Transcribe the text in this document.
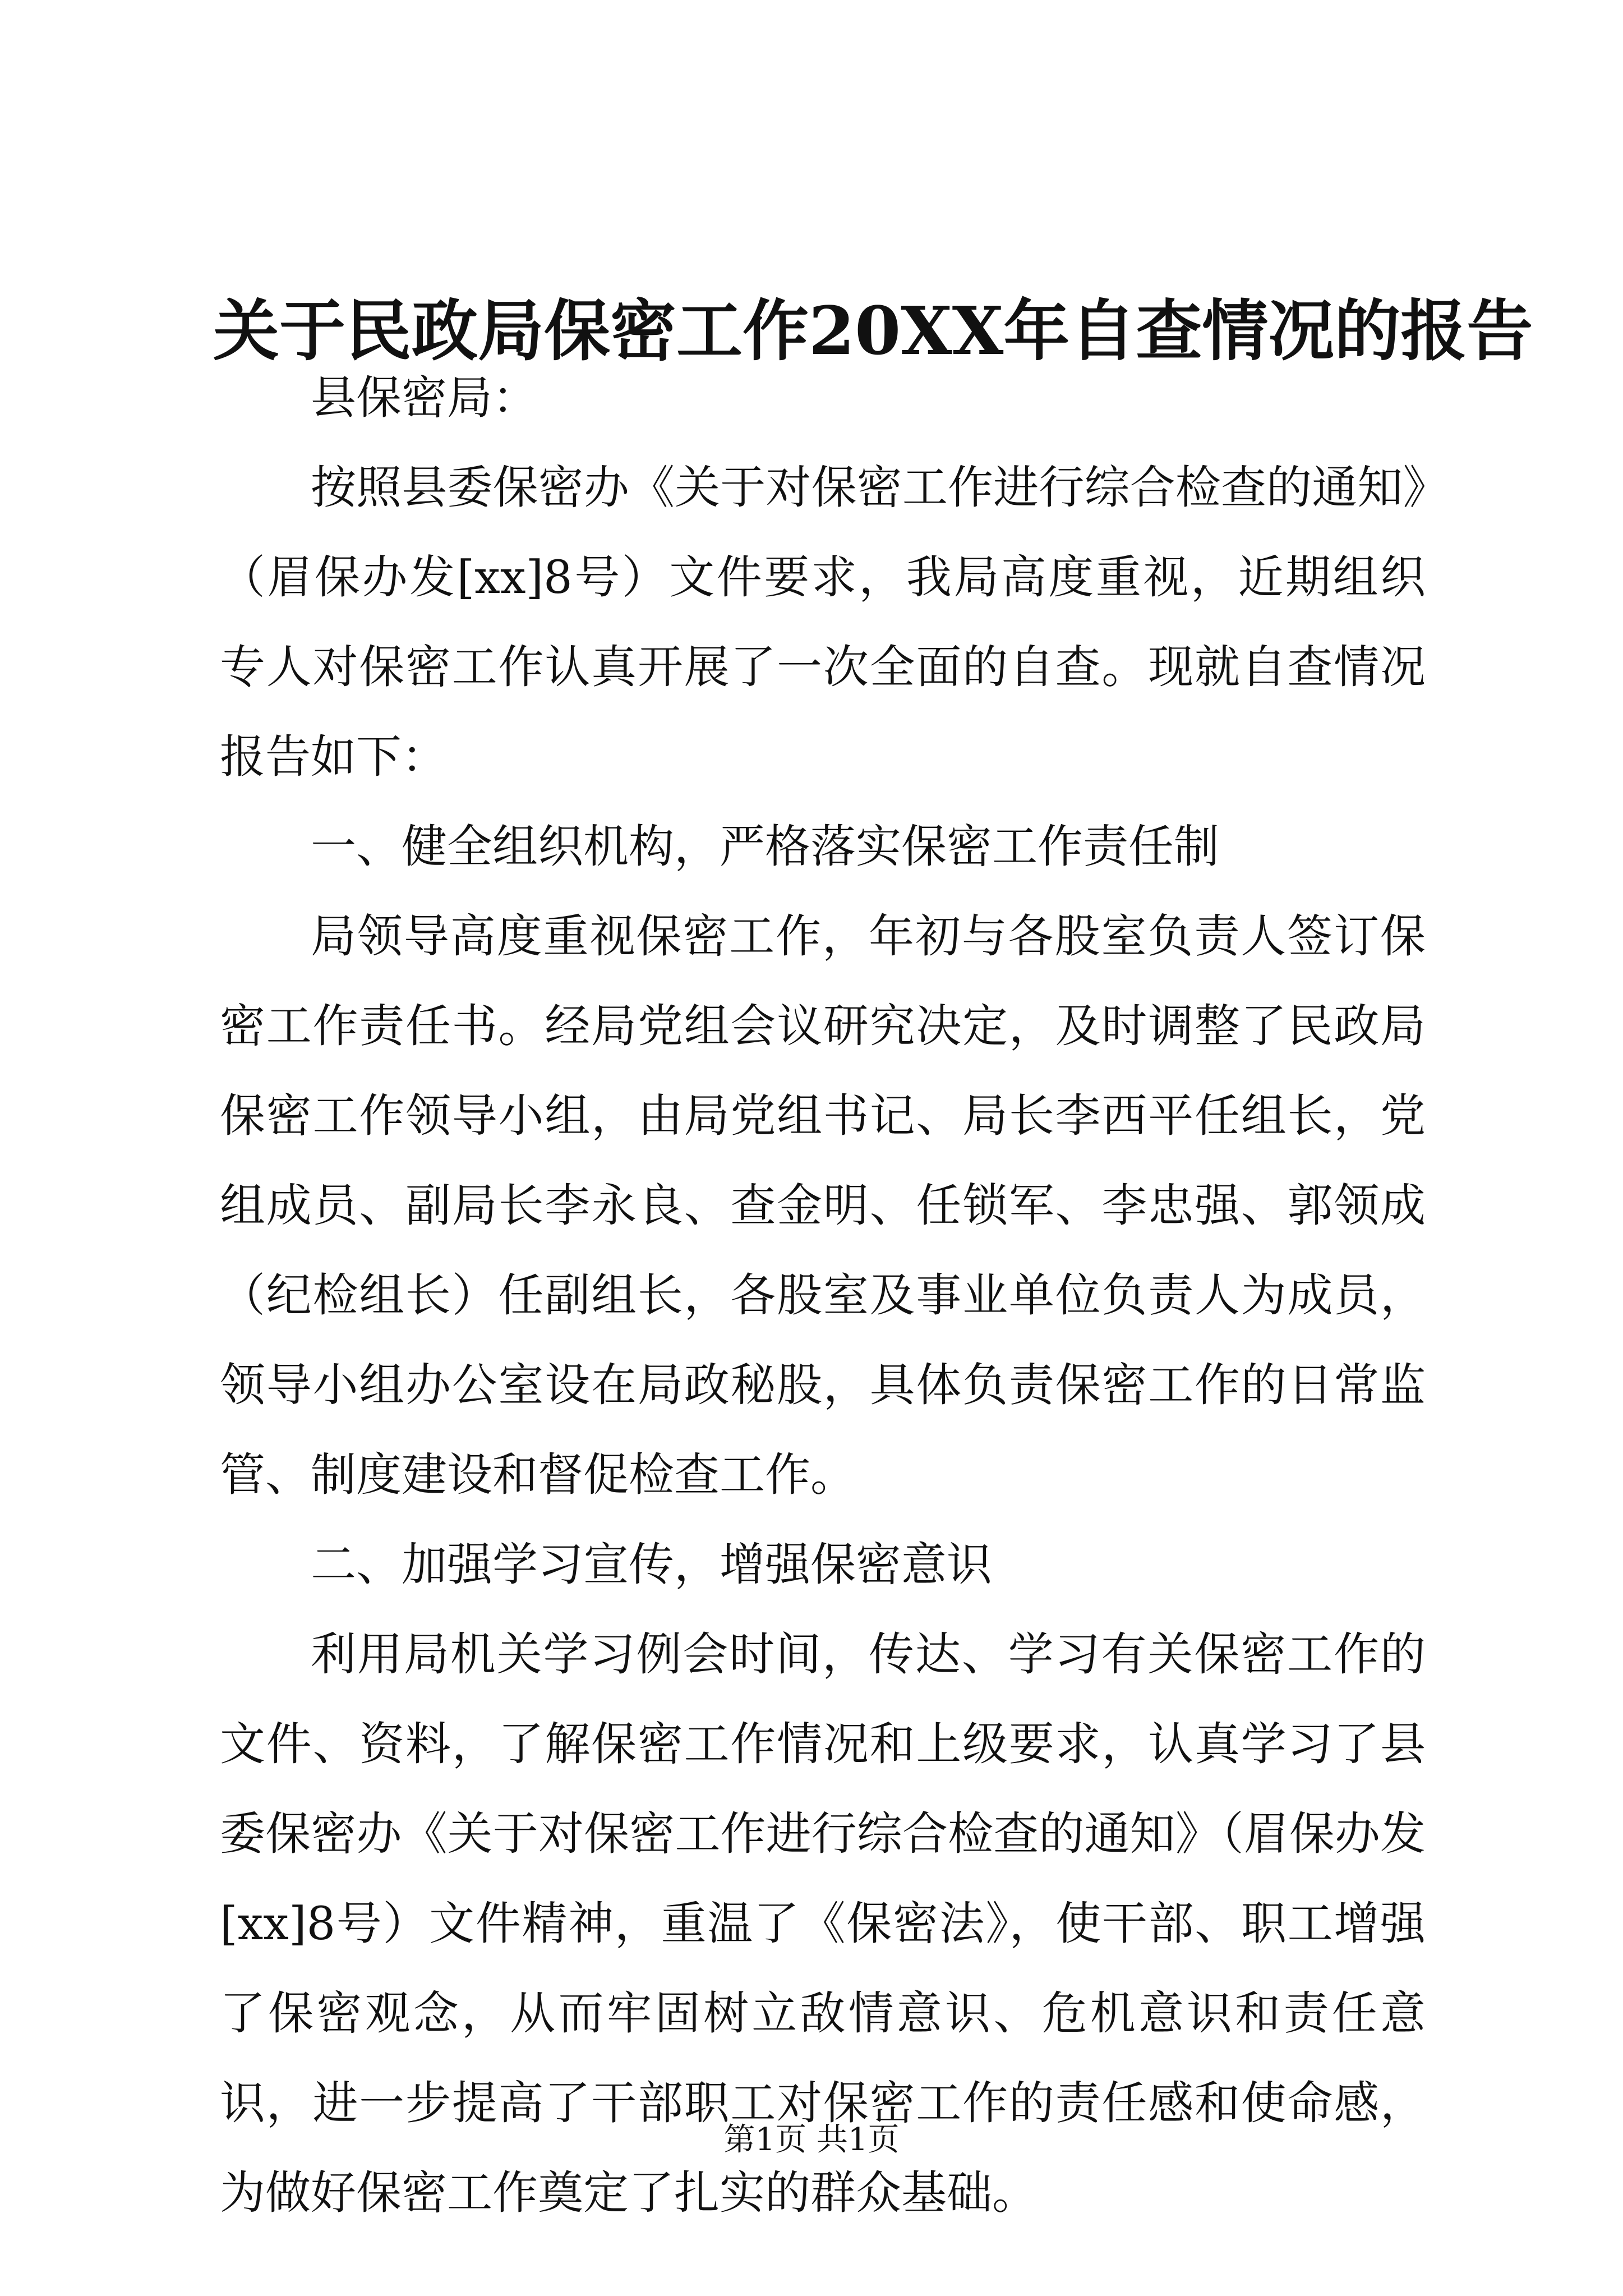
关于民政局保密工作20XX年自查情况的报告

县保密局：

按照县委保密办《关于对保密工作进行综合检查的通知》（眉保办发[xx]8号）文件要求，我局高度重视，近期组织专人对保密工作认真开展了一次全面的自查。现就自查情况报告如下：

一、健全组织机构，严格落实保密工作责任制

局领导高度重视保密工作，年初与各股室负责人签订保密工作责任书。经局党组会议研究决定，及时调整了民政局保密工作领导小组，由局党组书记、局长李西平任组长，党组成员、副局长李永良、查金明、任锁军、李忠强、郭领成（纪检组长）任副组长，各股室及事业单位负责人为成员，领导小组办公室设在局政秘股，具体负责保密工作的日常监管、制度建设和督促检查工作。

二、加强学习宣传，增强保密意识

利用局机关学习例会时间，传达、学习有关保密工作的文件、资料，了解保密工作情况和上级要求，认真学习了县委保密办《关于对保密工作进行综合检查的通知》（眉保办发[xx]8号）文件精神，重温了《保密法》，使干部、职工增强了保密观念，从而牢固树立敌情意识、危机意识和责任意识，进一步提高了干部职工对保密工作的责任感和使命感，为做好保密工作奠定了扎实的群众基础。

第1页 共1页
